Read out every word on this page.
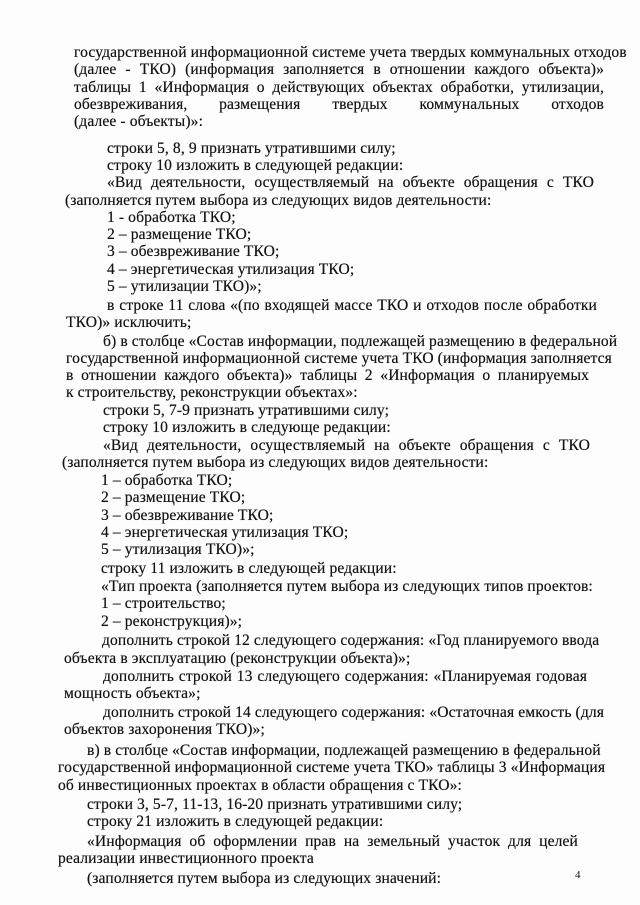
государственной информационной системе учета твердых коммунальных отходов
(далее - ТКО) (информация заполняется в отношении каждого объекта)»
таблицы 1 «Информация о действующих объектах обработки, утилизации,
обезвреживания, размещения твердых коммунальных отходов
(далее - объекты)»:
строки 5, 8, 9 признать утратившими силу;
строку 10 изложить в следующей редакции:
«Вид деятельности, осуществляемый на объекте обращения с ТКО
(заполняется путем выбора из следующих видов деятельности:
1 - обработка ТКО;
2 – размещение ТКО;
3 – обезвреживание ТКО;
4 – энергетическая утилизация ТКО;
5 – утилизации ТКО)»;
в строке 11 слова «(по входящей массе ТКО и отходов после обработки
ТКО)» исключить;
б) в столбце «Состав информации, подлежащей размещению в федеральной
государственной информационной системе учета ТКО (информация заполняется
в отношении каждого объекта)» таблицы 2 «Информация о планируемых
к строительству, реконструкции объектах»:
строки 5, 7-9 признать утратившими силу;
строку 10 изложить в следующе редакции:
«Вид деятельности, осуществляемый на объекте обращения с ТКО
(заполняется путем выбора из следующих видов деятельности:
1 – обработка ТКО;
2 – размещение ТКО;
3 – обезвреживание ТКО;
4 – энергетическая утилизация ТКО;
5 – утилизация ТКО)»;
строку 11 изложить в следующей редакции:
«Тип проекта (заполняется путем выбора из следующих типов проектов:
1 – строительство;
2 – реконструкция)»;
дополнить строкой 12 следующего содержания: «Год планируемого ввода
объекта в эксплуатацию (реконструкции объекта)»;
дополнить строкой 13 следующего содержания: «Планируемая годовая
мощность объекта»;
дополнить строкой 14 следующего содержания: «Остаточная емкость (для
объектов захоронения ТКО)»;
в) в столбце «Состав информации, подлежащей размещению в федеральной
государственной информационной системе учета ТКО» таблицы 3 «Информация
об инвестиционных проектах в области обращения с ТКО»:
строки 3, 5-7, 11-13, 16-20 признать утратившими силу;
строку 21 изложить в следующей редакции:
«Информация об оформлении прав на земельный участок для целей
реализации инвестиционного проекта
(заполняется путем выбора из следующих значений:	4
